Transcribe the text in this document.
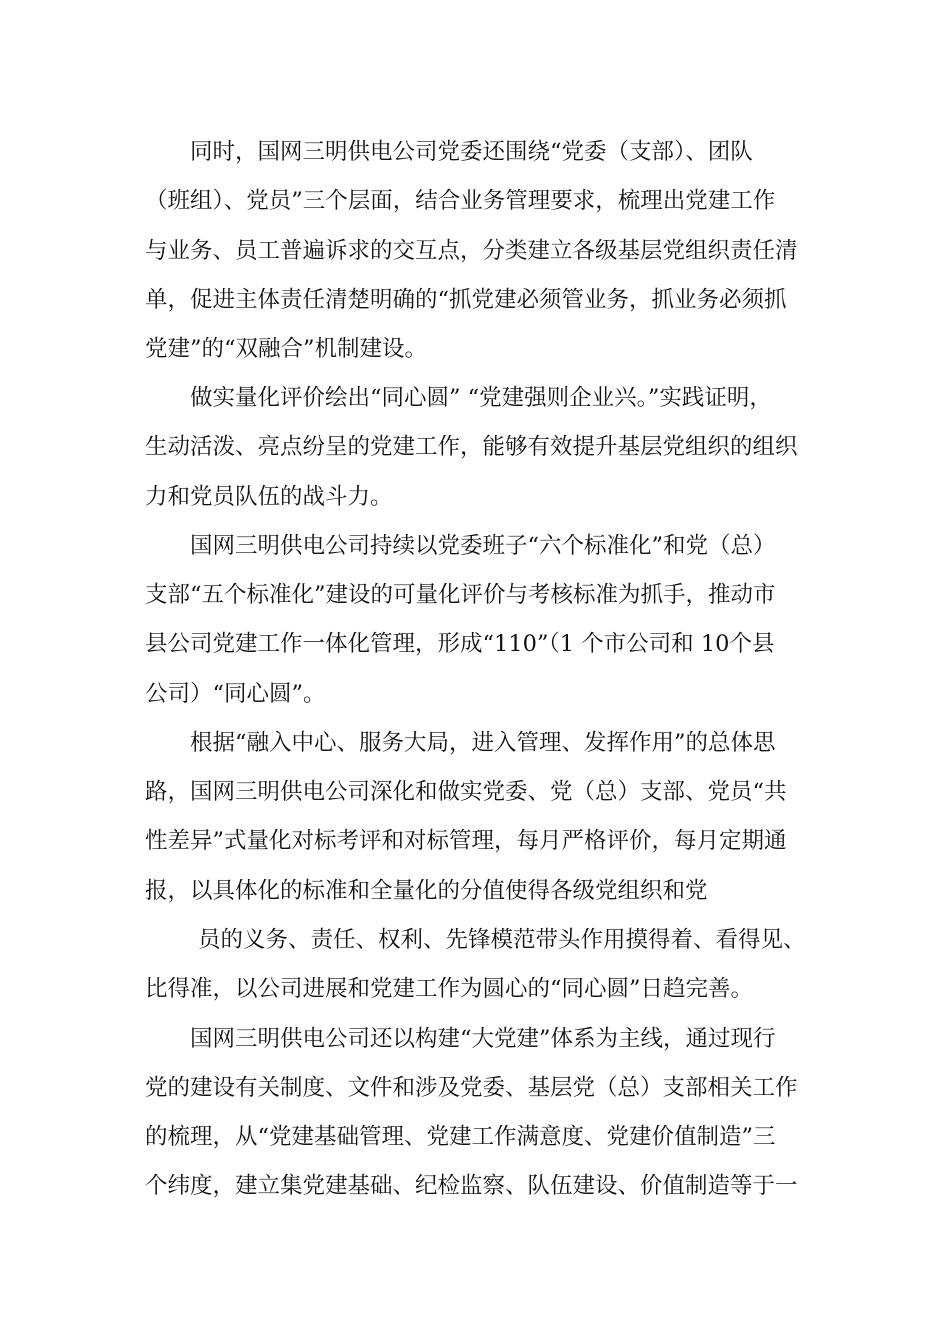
同时，国网三明供电公司党委还围绕“党委（支部）、团队
（班组）、党员”三个层面，结合业务管理要求，梳理出党建工作
与业务、员工普遍诉求的交互点，分类建立各级基层党组织责任清
单，促进主体责任清楚明确的“抓党建必须管业务，抓业务必须抓
党建”的“双融合”机制建设。
做实量化评价绘出“同心圆” “党建强则企业兴。”实践证明，
生动活泼、亮点纷呈的党建工作，能够有效提升基层党组织的组织
力和党员队伍的战斗力。
国网三明供电公司持续以党委班子“六个标准化”和党（总）
支部“五个标准化”建设的可量化评价与考核标准为抓手，推动市
县公司党建工作一体化管理，形成“110”（1 个市公司和 10个县
公司）“同心圆”。
根据“融入中心、服务大局，进入管理、发挥作用”的总体思
路，国网三明供电公司深化和做实党委、党（总）支部、党员“共
性差异”式量化对标考评和对标管理，每月严格评价，每月定期通
报，以具体化的标准和全量化的分值使得各级党组织和党
员的义务、责任、权利、先锋模范带头作用摸得着、看得见、
比得准，以公司进展和党建工作为圆心的“同心圆”日趋完善。
国网三明供电公司还以构建“大党建”体系为主线，通过现行
党的建设有关制度、文件和涉及党委、基层党（总）支部相关工作
的梳理，从“党建基础管理、党建工作满意度、党建价值制造”三
个纬度，建立集党建基础、纪检监察、队伍建设、价值制造等于一
